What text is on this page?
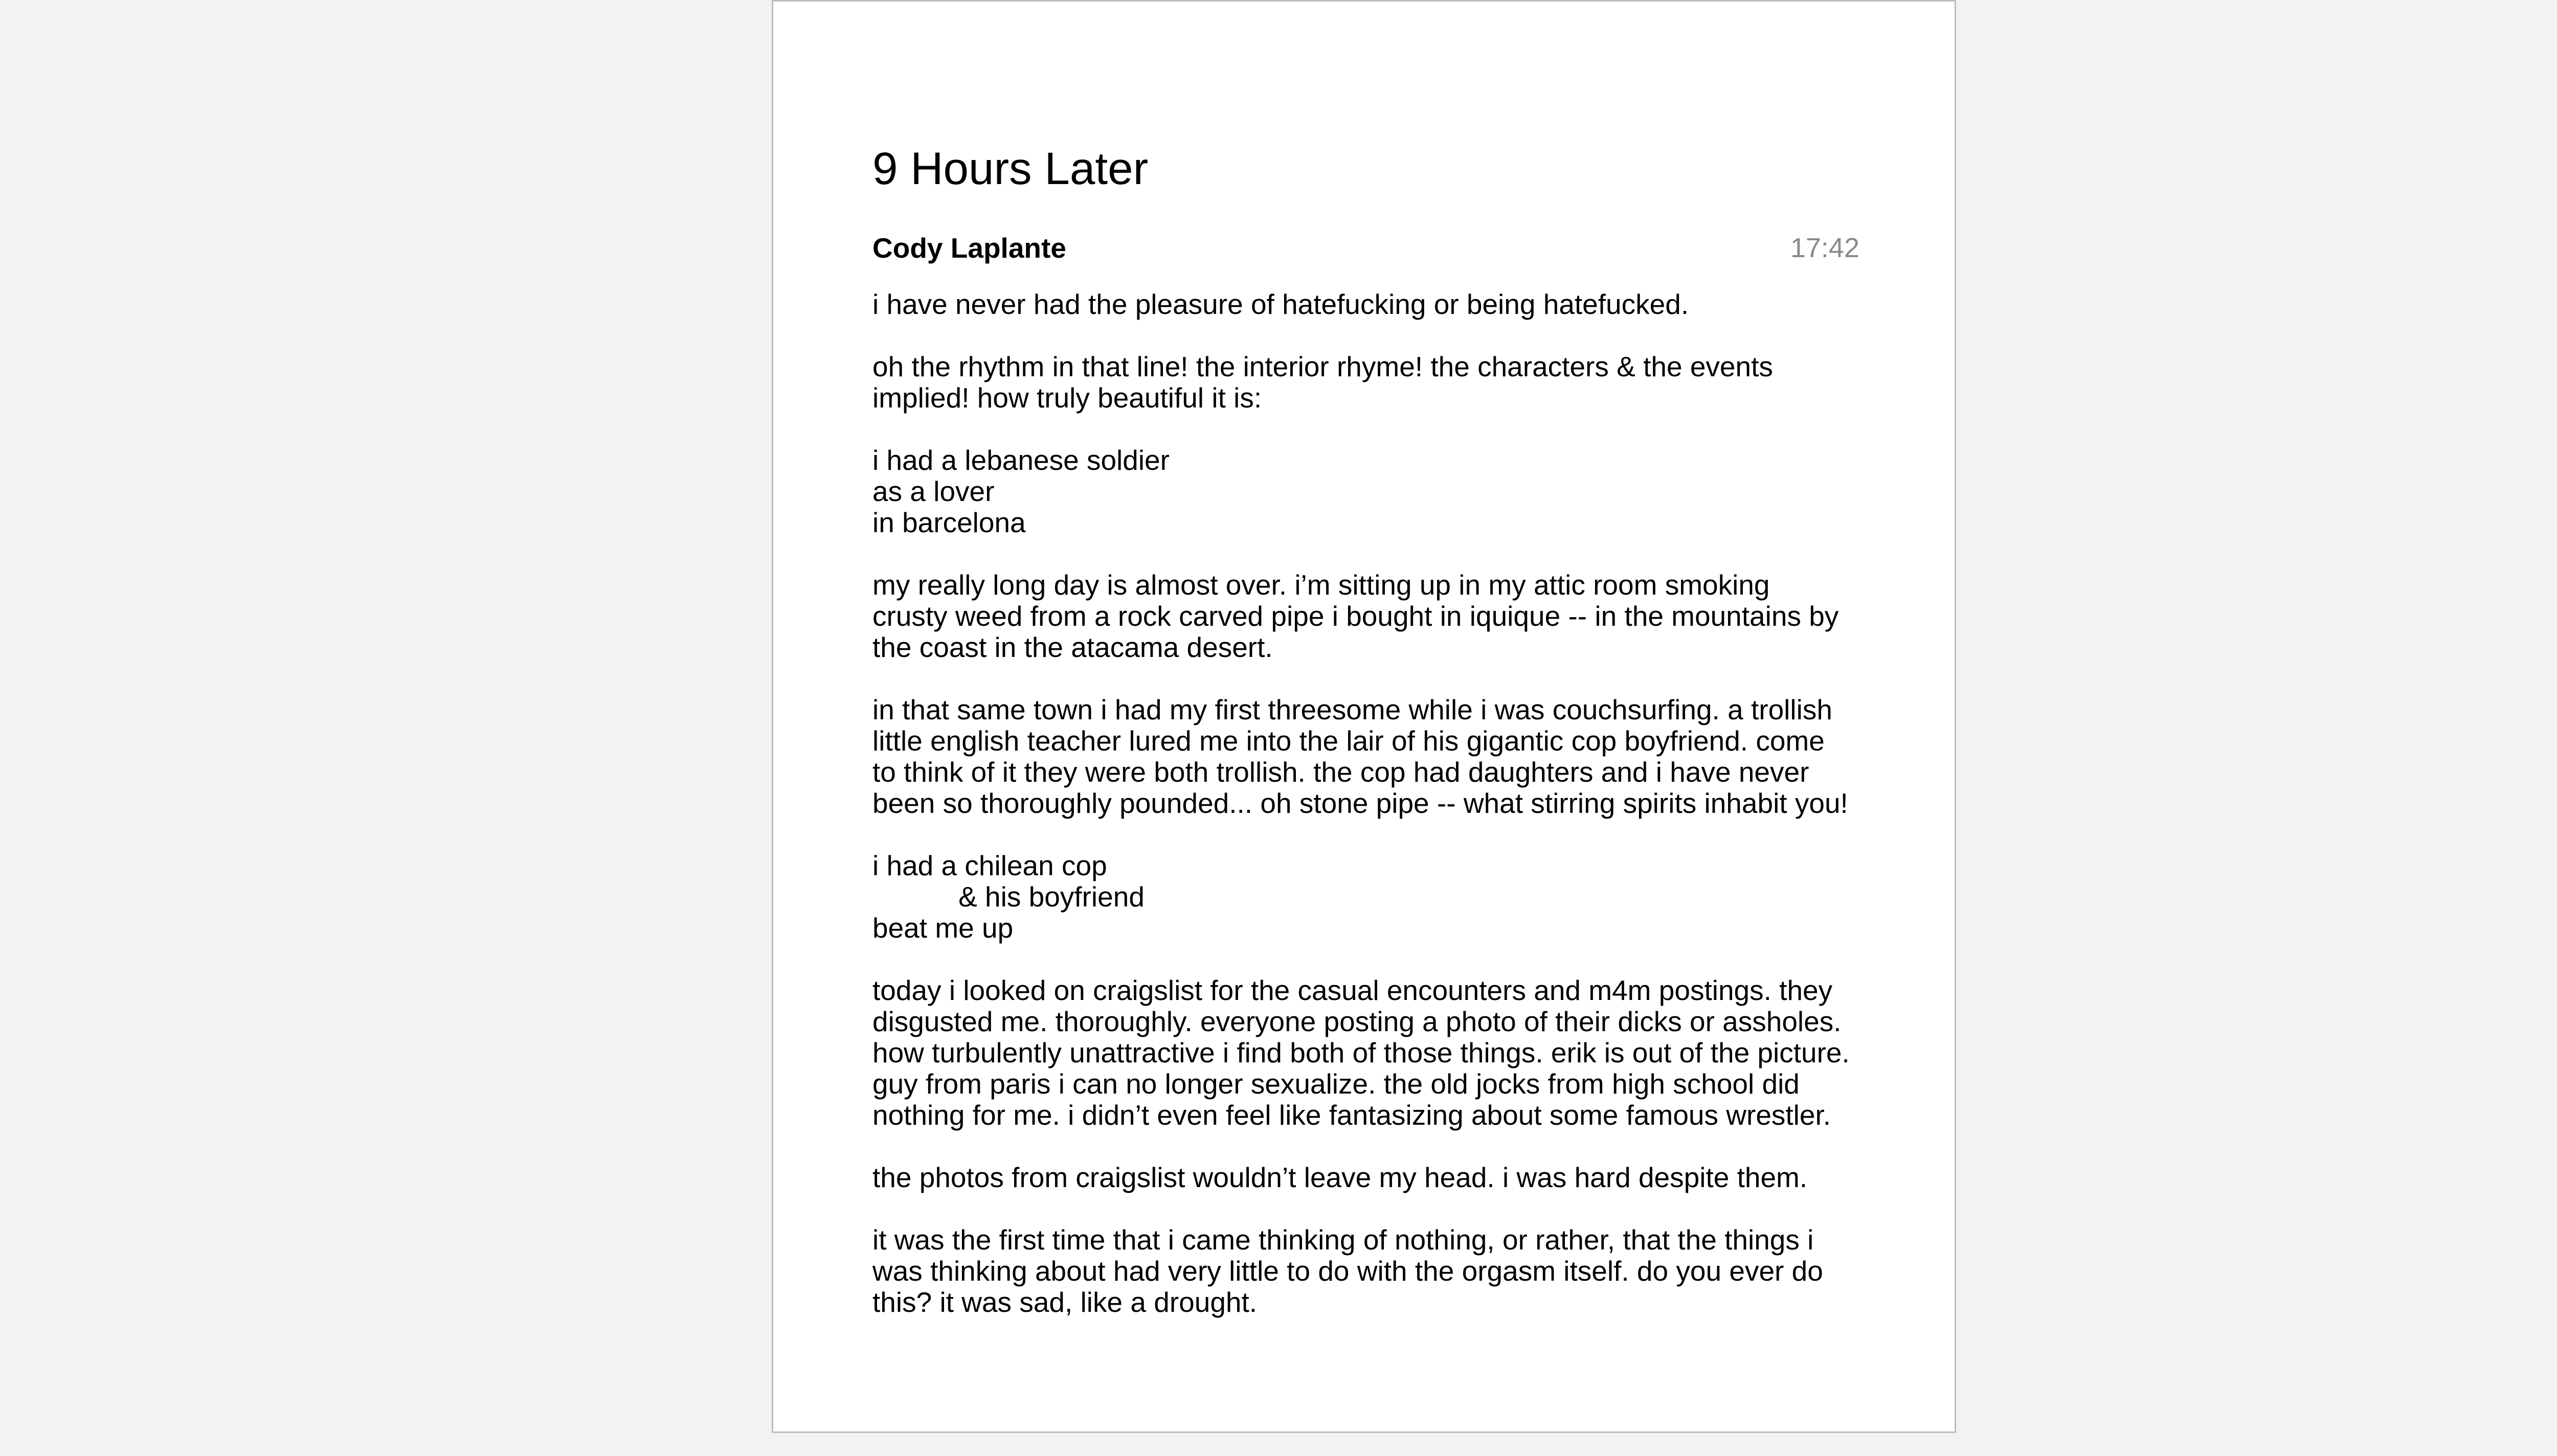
9 Hours Later
Cody Laplante	17:42

i have never had the pleasure of hatefucking or being hatefucked.

oh the rhythm in that line! the interior rhyme! the characters & the events
implied! how truly beautiful it is:

i had a lebanese soldier
as a lover
in barcelona

my really long day is almost over. i’m sitting up in my attic room smoking
crusty weed from a rock carved pipe i bought in iquique -- in the mountains by
the coast in the atacama desert.

in that same town i had my first threesome while i was couchsurfing. a trollish
little english teacher lured me into the lair of his gigantic cop boyfriend. come
to think of it they were both trollish. the cop had daughters and i have never
been so thoroughly pounded... oh stone pipe -- what stirring spirits inhabit you!

i had a chilean cop
& his boyfriend
beat me up

today i looked on craigslist for the casual encounters and m4m postings. they
disgusted me. thoroughly. everyone posting a photo of their dicks or assholes.
how turbulently unattractive i find both of those things. erik is out of the picture.
guy from paris i can no longer sexualize. the old jocks from high school did
nothing for me. i didn’t even feel like fantasizing about some famous wrestler.

the photos from craigslist wouldn’t leave my head. i was hard despite them.

it was the first time that i came thinking of nothing, or rather, that the things i
was thinking about had very little to do with the orgasm itself. do you ever do
this? it was sad, like a drought.
